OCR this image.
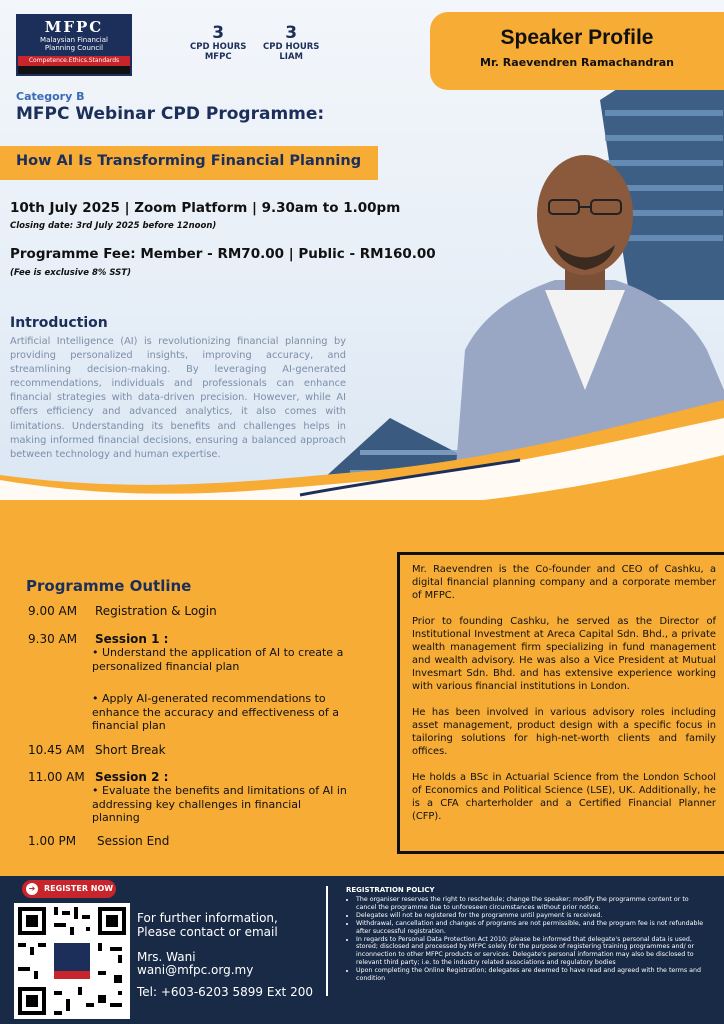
MFPC
Malaysian Financial
Planning Council
Competence.Ethics.Standards
3
CPD HOURS
MFPC
3
CPD HOURS
LIAM
Speaker Profile
Mr. Raevendren Ramachandran
Category B
MFPC Webinar CPD Programme:
How AI Is Transforming Financial Planning
10th July 2025 | Zoom Platform | 9.30am to 1.00pm
Closing date: 3rd July 2025 before 12noon)
Programme Fee: Member - RM70.00 | Public - RM160.00
(Fee is exclusive 8% SST)
Introduction
Artificial Intelligence (AI) is revolutionizing financial planning by providing personalized insights, improving accuracy, and streamlining decision-making. By leveraging AI-generated recommendations, individuals and professionals can enhance financial strategies with data-driven precision. However, while AI offers efficiency and advanced analytics, it also comes with limitations. Understanding its benefits and challenges helps in making informed financial decisions, ensuring a balanced approach between technology and human expertise.
Programme Outline
9.00 AM Registration & Login
9.30 AM Session 1 :
• Understand the application of AI to create a personalized financial plan
• Apply AI-generated recommendations to enhance the accuracy and effectiveness of a financial plan
10.45 AM Short Break
11.00 AM Session 2 :
• Evaluate the benefits and limitations of AI in addressing key challenges in financial planning
1.00 PM Session End

Mr. Raevendren is the Co-founder and CEO of Cashku, a digital financial planning company and a corporate member of MFPC.

Prior to founding Cashku, he served as the Director of Institutional Investment at Areca Capital Sdn. Bhd., a private wealth management firm specializing in fund management and wealth advisory. He was also a Vice President at Mutual Invesmart Sdn. Bhd. and has extensive experience working with various financial institutions in London.

He has been involved in various advisory roles including asset management, product design with a specific focus in tailoring solutions for high-net-worth clients and family offices.

He holds a BSc in Actuarial Science from the London School of Economics and Political Science (LSE), UK. Additionally, he is a CFA charterholder and a Certified Financial Planner (CFP).

➜	REGISTER NOW
For further information,
Please contact or email
Mrs. Wani
wani@mfpc.org.my
Tel: +603-6203 5899 Ext 200
REGISTRATION POLICY
• The organiser reserves the right to reschedule; change the speaker; modify the programme content or to cancel the programme due to unforeseen circumstances without prior notice.
• Delegates will not be registered for the programme until payment is received.
• Withdrawal, cancellation and changes of programs are not permissible, and the program fee is not refundable after successful registration.
• In regards to Personal Data Protection Act 2010; please be informed that delegate's personal data is used, stored; disclosed and processed by MFPC solely for the purpose of registering training programmes and/ or inconnection to other MFPC products or services. Delegate's personal information may also be disclosed to relevant third party; i.e. to the industry related associations and regulatory bodies
• Upon completing the Online Registration; delegates are deemed to have read and agreed with the terms and condition
